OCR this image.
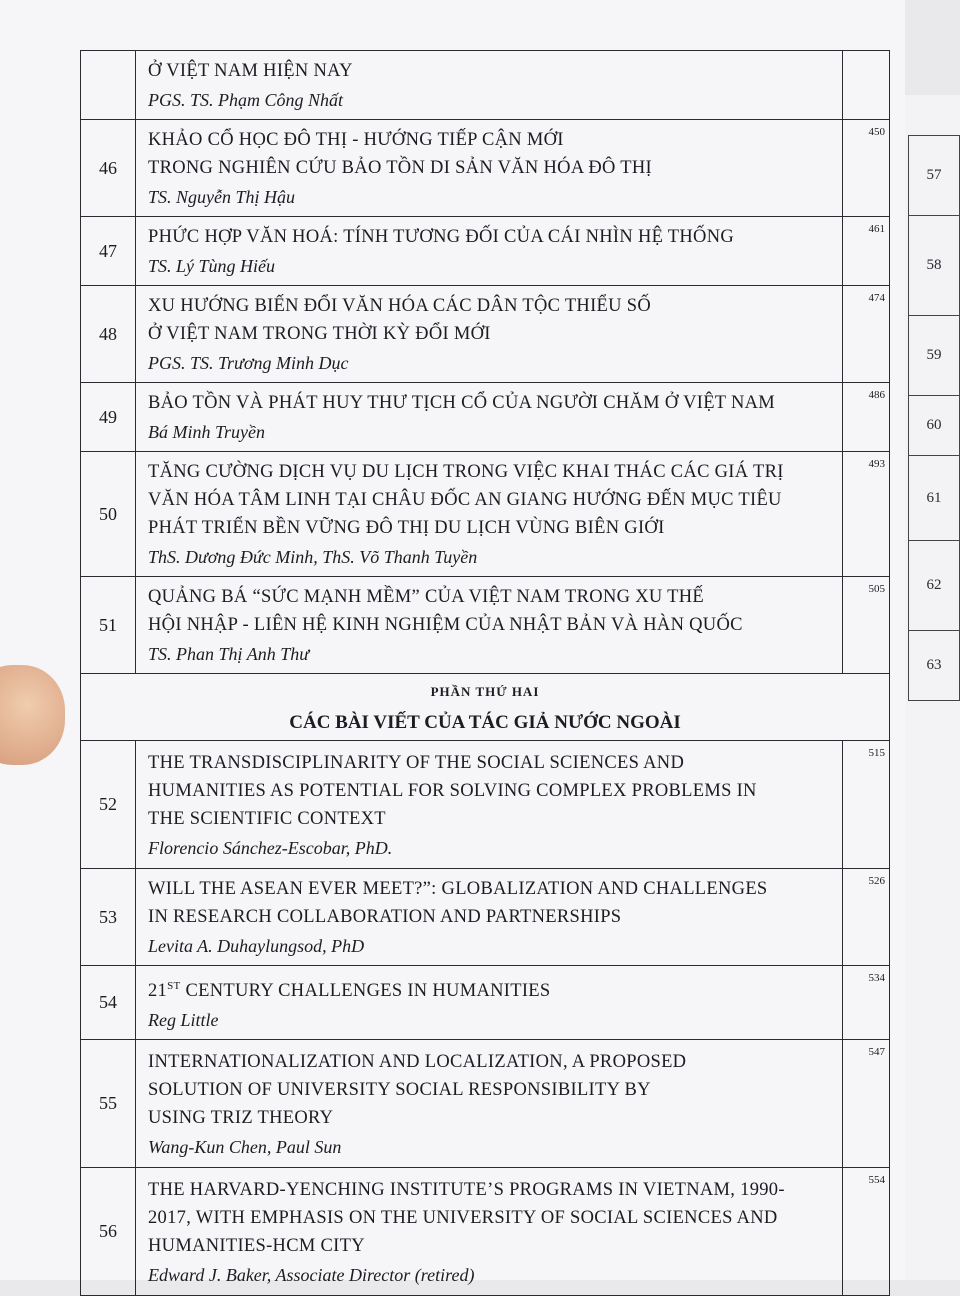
	Ở VIỆT NAM HIỆN NAY
PGS. TS. Phạm Công Nhất	

46	KHẢO CỔ HỌC ĐÔ THỊ - HƯỚNG TIẾP CẬN MỚI
TRONG NGHIÊN CỨU BẢO TỒN DI SẢN VĂN HÓA ĐÔ THỊ
TS. Nguyễn Thị Hậu	450
47	PHỨC HỢP VĂN HOÁ: TÍNH TƯƠNG ĐỐI CỦA CÁI NHÌN HỆ THỐNG
TS. Lý Tùng Hiếu	461
48	XU HƯỚNG BIẾN ĐỔI VĂN HÓA CÁC DÂN TỘC THIỂU SỐ
Ở VIỆT NAM TRONG THỜI KỲ ĐỔI MỚI
PGS. TS. Trương Minh Dục	474
49	BẢO TỒN VÀ PHÁT HUY THƯ TỊCH CỔ CỦA NGƯỜI CHĂM Ở VIỆT NAM
Bá Minh Truyền	486
50	TĂNG CƯỜNG DỊCH VỤ DU LỊCH TRONG VIỆC KHAI THÁC CÁC GIÁ TRỊ
VĂN HÓA TÂM LINH TẠI CHÂU ĐỐC AN GIANG HƯỚNG ĐẾN MỤC TIÊU
PHÁT TRIỂN BỀN VỮNG ĐÔ THỊ DU LỊCH VÙNG BIÊN GIỚI
ThS. Dương Đức Minh, ThS. Võ Thanh Tuyền	493
51	QUẢNG BÁ “SỨC MẠNH MỀM” CỦA VIỆT NAM TRONG XU THẾ
HỘI NHẬP - LIÊN HỆ KINH NGHIỆM CỦA NHẬT BẢN VÀ HÀN QUỐC
TS. Phan Thị Anh Thư	505

PHẦN THỨ HAI
CÁC BÀI VIẾT CỦA TÁC GIẢ NƯỚC NGOÀI		

52	THE TRANSDISCIPLINARITY OF THE SOCIAL SCIENCES AND
HUMANITIES AS POTENTIAL FOR SOLVING COMPLEX PROBLEMS IN
THE SCIENTIFIC CONTEXT
Florencio Sánchez-Escobar, PhD.	515
53	WILL THE ASEAN EVER MEET?”: GLOBALIZATION AND CHALLENGES
IN RESEARCH COLLABORATION AND PARTNERSHIPS
Levita A. Duhaylungsod, PhD	526
54	21ST CENTURY CHALLENGES IN HUMANITIES
Reg Little	534
55	INTERNATIONALIZATION AND LOCALIZATION, A PROPOSED
SOLUTION OF UNIVERSITY SOCIAL RESPONSIBILITY BY
USING TRIZ THEORY
Wang-Kun Chen, Paul Sun	547
56	THE HARVARD-YENCHING INSTITUTE’S PROGRAMS IN VIETNAM, 1990-
2017, WITH EMPHASIS ON THE UNIVERSITY OF SOCIAL SCIENCES AND
HUMANITIES-HCM CITY
Edward J. Baker, Associate Director (retired)	554
57
58
59
60
61
62
63
